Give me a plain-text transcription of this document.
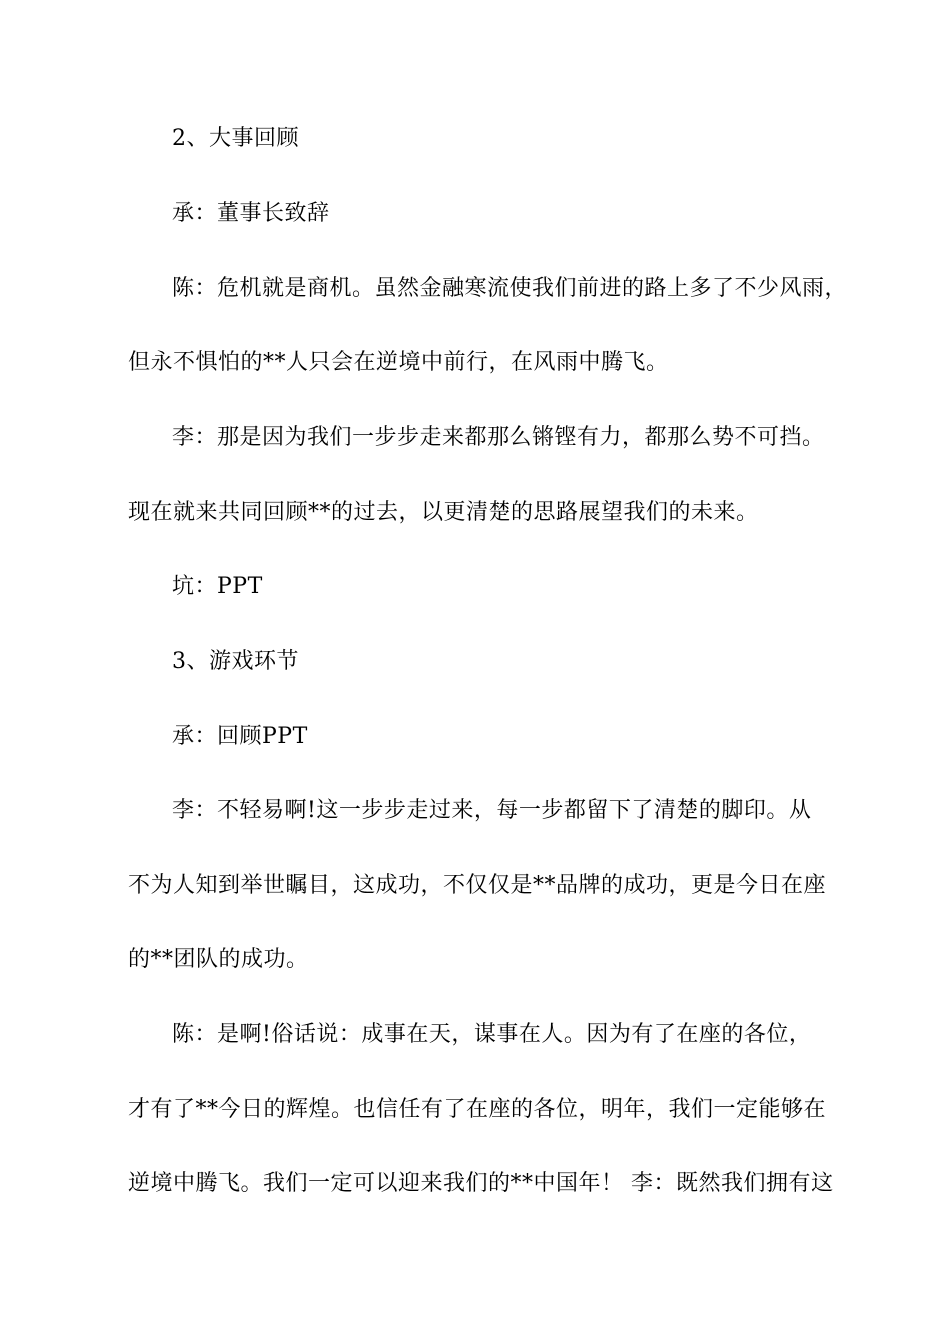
2、大事回顾
承：董事长致辞
陈：危机就是商机。虽然金融寒流使我们前进的路上多了不少风雨，
但永不惧怕的**人只会在逆境中前行，在风雨中腾飞。
李：那是因为我们一步步走来都那么锵铿有力，都那么势不可挡。
现在就来共同回顾**的过去，以更清楚的思路展望我们的未来。
坑：PPT
3、游戏环节
承：回顾PPT
李：不轻易啊!这一步步走过来，每一步都留下了清楚的脚印。从
不为人知到举世瞩目，这成功，不仅仅是**品牌的成功，更是今日在座
的**团队的成功。
陈：是啊!俗话说：成事在天，谋事在人。因为有了在座的各位，
才有了**今日的辉煌。也信任有了在座的各位，明年，我们一定能够在
逆境中腾飞。我们一定可以迎来我们的**中国年！ 李：既然我们拥有这
